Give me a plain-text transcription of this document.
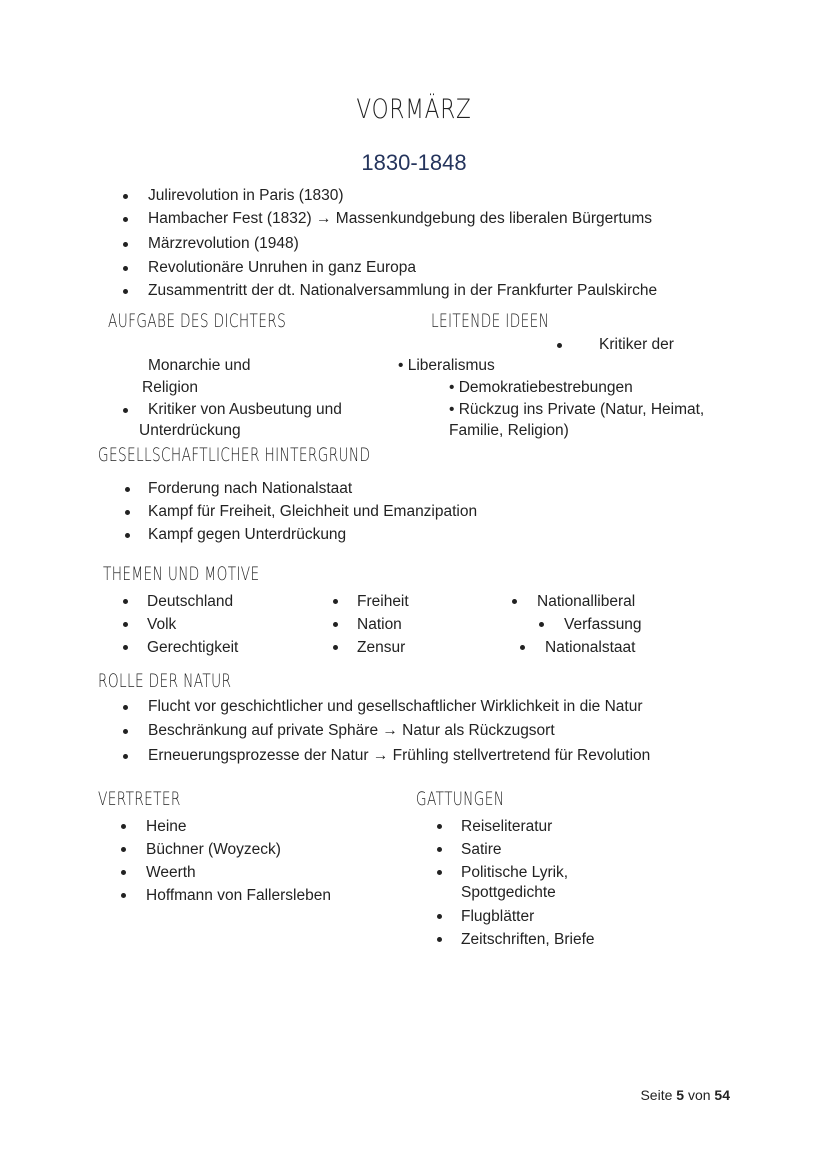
VORMÄRZ
1830-1848
Julirevolution in Paris (1830)
Hambacher Fest (1832) → Massenkundgebung des liberalen Bürgertums
Märzrevolution (1948)
Revolutionäre Unruhen in ganz Europa
Zusammentritt der dt. Nationalversammlung in der Frankfurter Paulskirche
AUFGABE DES DICHTERS	LEITENDE IDEEN
Kritiker der
Monarchie und
Religion
Kritiker von Ausbeutung und
Unterdrückung
• Liberalismus
• Demokratiebestrebungen
• Rückzug ins Private (Natur, Heimat,
Familie, Religion)
GESELLSCHAFTLICHER HINTERGRUND
Forderung nach Nationalstaat
Kampf für Freiheit, Gleichheit und Emanzipation
Kampf gegen Unterdrückung
THEMEN UND MOTIVE
Deutschland
Volk
Gerechtigkeit
Freiheit
Nation
Zensur
Nationalliberal
Verfassung
Nationalstaat
ROLLE DER NATUR
Flucht vor geschichtlicher und gesellschaftlicher Wirklichkeit in die Natur
Beschränkung auf private Sphäre → Natur als Rückzugsort
Erneuerungsprozesse der Natur → Frühling stellvertretend für Revolution
VERTRETER
Heine
Büchner (Woyzeck)
Weerth
Hoffmann von Fallersleben
GATTUNGEN
Reiseliteratur
Satire
Politische Lyrik,
Spottgedichte
Flugblätter
Zeitschriften, Briefe
Seite 5 von 54
